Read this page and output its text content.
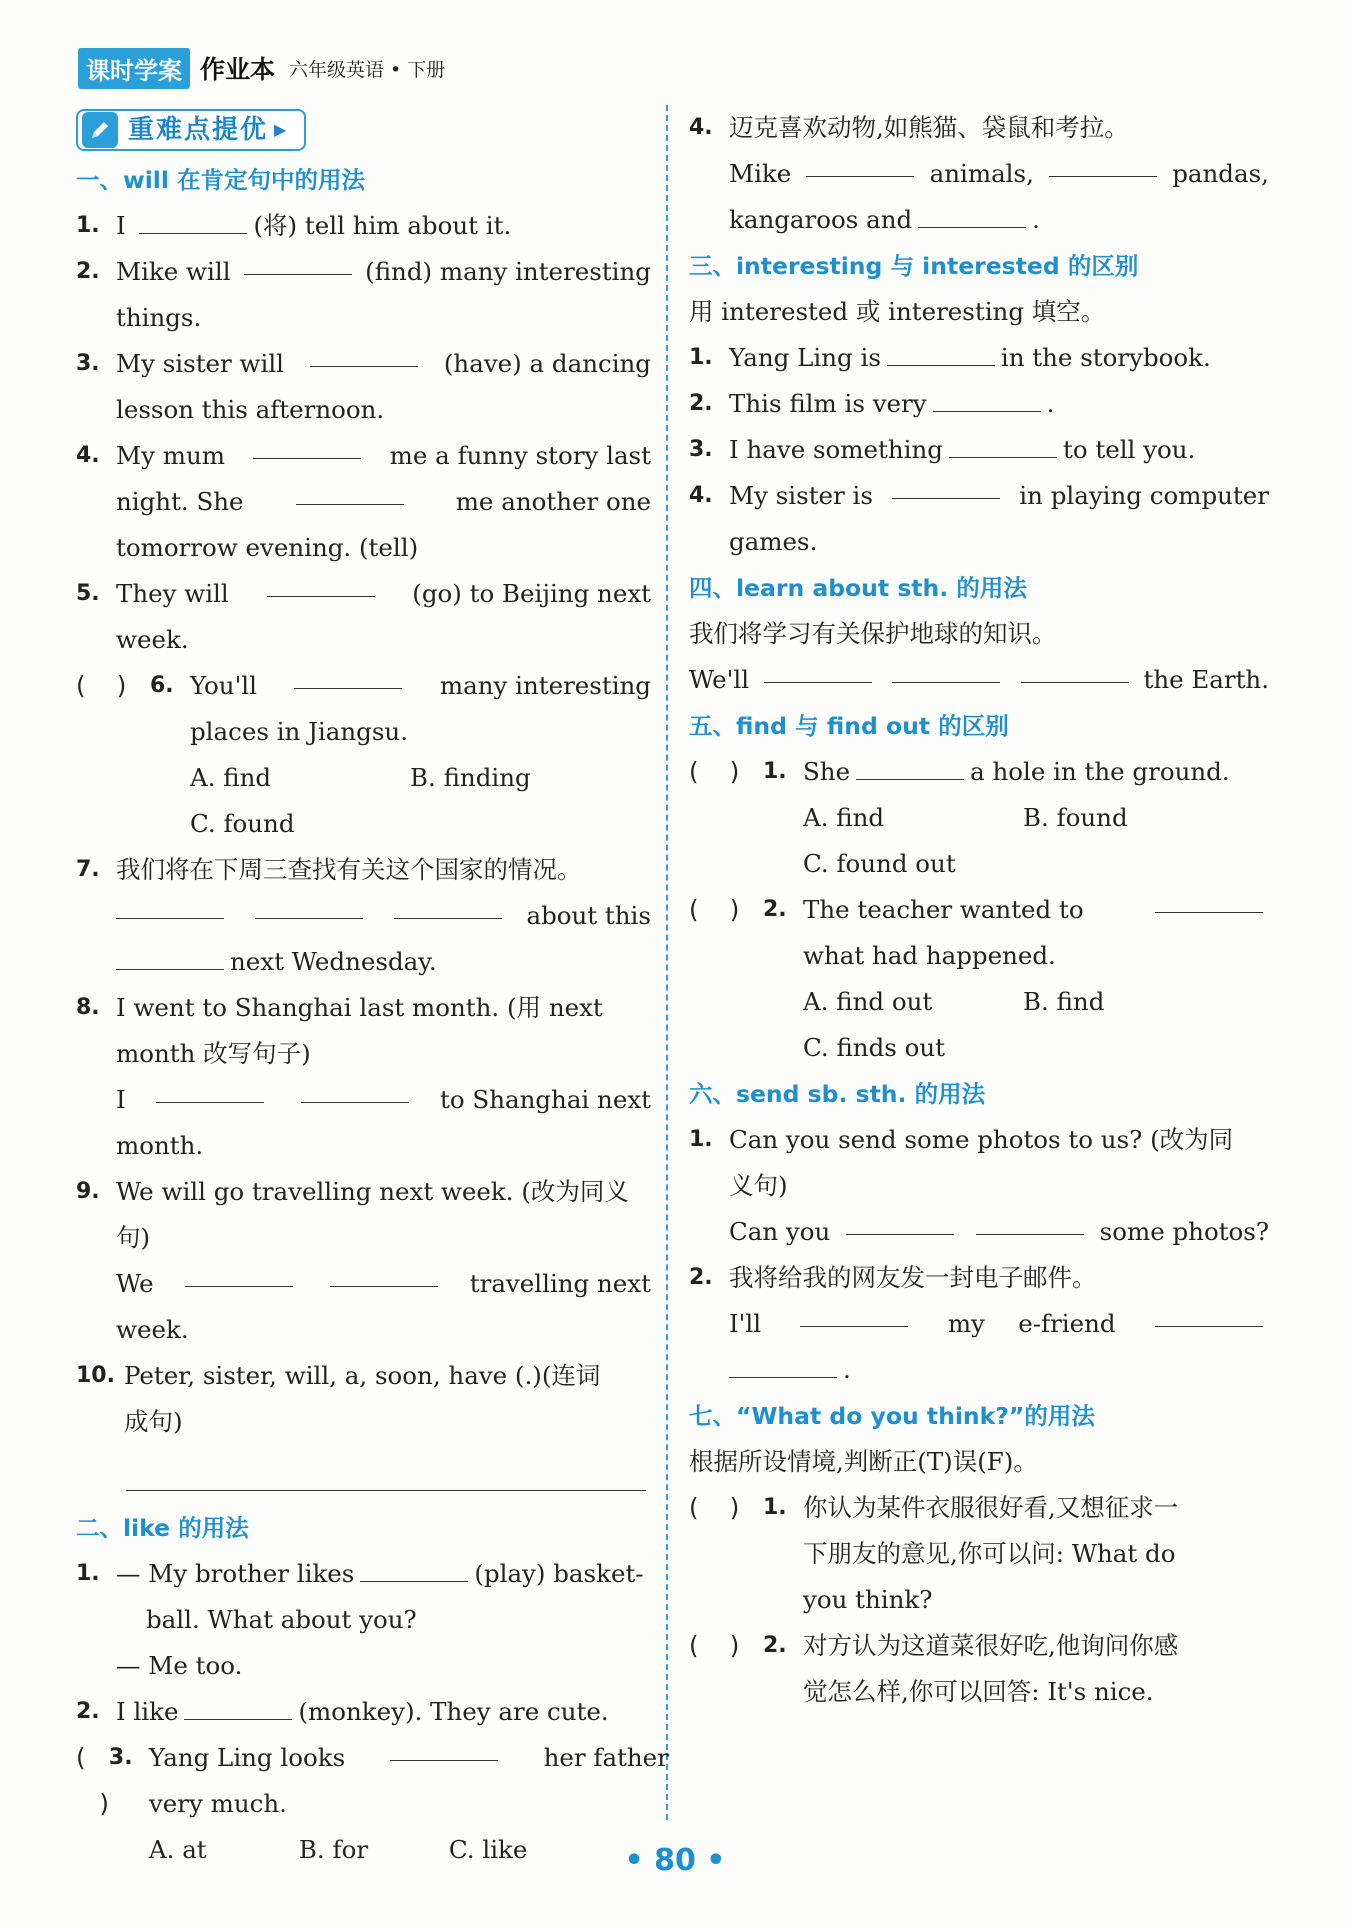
课时学案 作业本 六年级英语 • 下册
重难点提优 ▶
一、will 在肯定句中的用法
1. I	(将) tell him about it.
2. Mike will	(find) many interesting
things.
3. My sister will	(have) a dancing
lesson this afternoon.
4. My mum	me a funny story last
night. She	me another one
tomorrow evening. (tell)
5. They will	(go) to Beijing next
week.
(    )	6. You'll	many interesting
places in Jiangsu.
A. find	B. finding
C. found
7. 我们将在下周三查找有关这个国家的情况。
about this
next Wednesday.
8. I went to Shanghai last month. (用 next
month 改写句子)
I	to Shanghai next
month.
9. We will go travelling next week. (改为同义句)
We	travelling next
week.
10. Peter, sister, will, a, soon, have (.)(连词
成句)
二、like 的用法
1. — My brother likes	(play) basket-
ball. What about you?
— Me too.
2. I like	(monkey). They are cute.
(    )
3. Yang Ling looks	her father
very much.
A. at	B. for	C. like
4. 迈克喜欢动物,如熊猫、袋鼠和考拉。
Mike	animals,	pandas,
kangaroos and	.
三、interesting 与 interested 的区别
用 interested 或 interesting 填空。
1. Yang Ling is	in the storybook.
2. This film is very	.
3. I have something	to tell you.
4. My sister is	in playing computer
games.
四、learn about sth. 的用法
我们将学习有关保护地球的知识。
We'll	the Earth.
五、find 与 find out 的区别
(    )	1. She	a hole in the ground.
A. find	B. found
C. found out
(    )	2. The teacher wanted to
what had happened.
A. find out	B. find
C. finds out
六、send sb. sth. 的用法
1. Can you send some photos to us? (改为同
义句)
Can you	some photos?
2. 我将给我的网友发一封电子邮件。
I'll	my e-friend
.
七、“What do you think?”的用法
根据所设情境,判断正(T)误(F)。
(    )	1. 你认为某件衣服很好看,又想征求一
下朋友的意见,你可以问: What do
you think?
(    )	2. 对方认为这道菜很好吃,他询问你感
觉怎么样,你可以回答: It's nice.
• 80 •
